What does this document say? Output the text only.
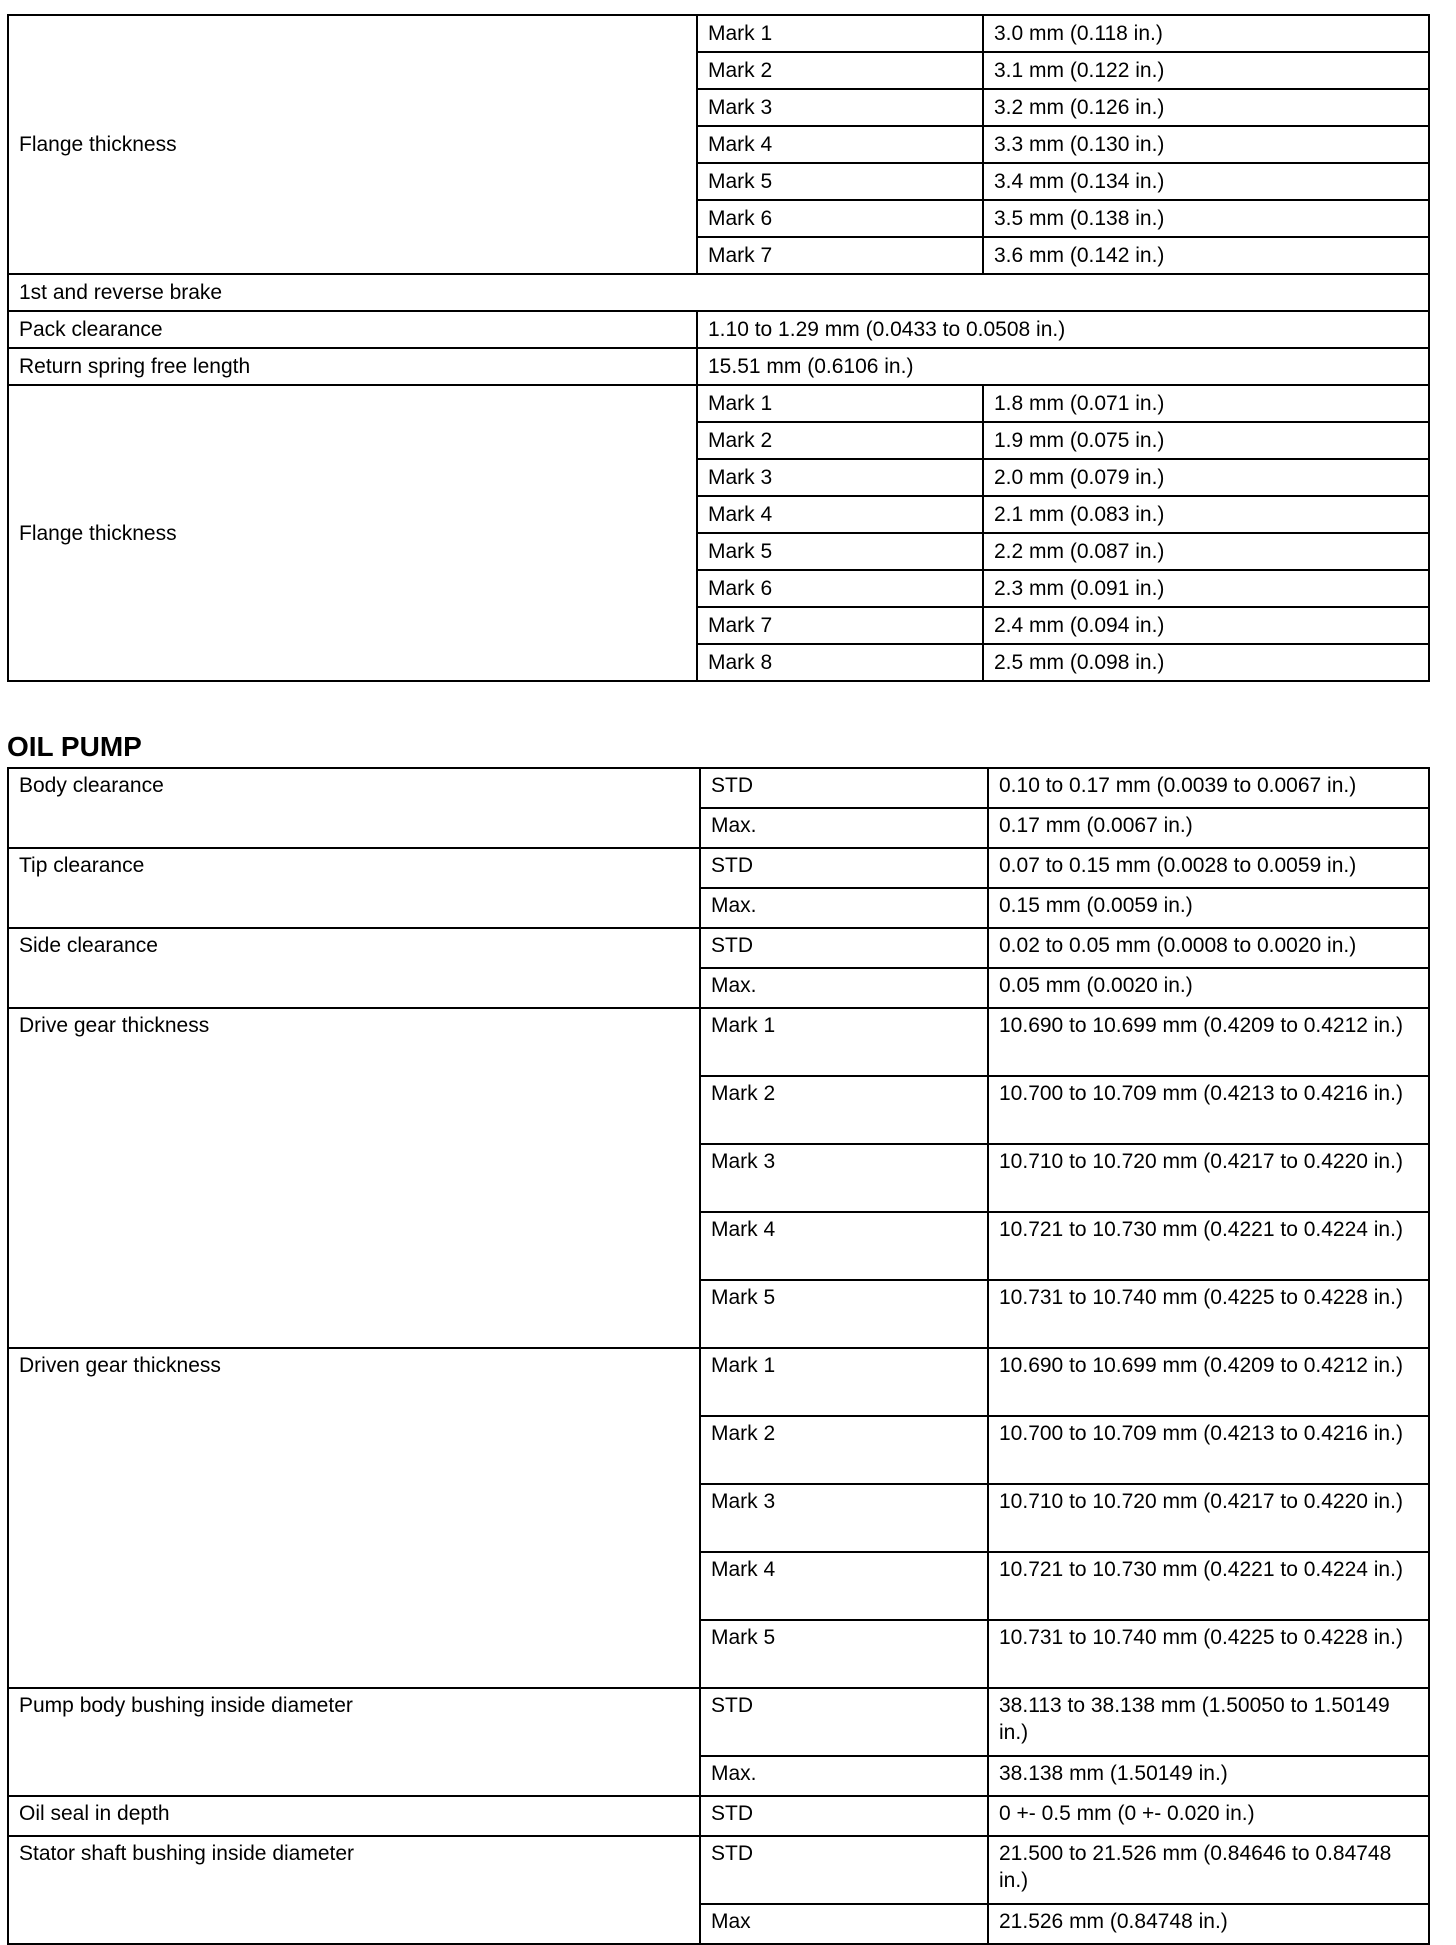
Flange thickness	Mark 1	3.0 mm (0.118 in.)
	Mark 2	3.1 mm (0.122 in.)
	Mark 3	3.2 mm (0.126 in.)
	Mark 4	3.3 mm (0.130 in.)
	Mark 5	3.4 mm (0.134 in.)
	Mark 6	3.5 mm (0.138 in.)
	Mark 7	3.6 mm (0.142 in.)
1st and reverse brake		
Pack clearance	1.10 to 1.29 mm (0.0433 to 0.0508 in.)	
Return spring free length	15.51 mm (0.6106 in.)	
Flange thickness	Mark 1	1.8 mm (0.071 in.)
	Mark 2	1.9 mm (0.075 in.)
	Mark 3	2.0 mm (0.079 in.)
	Mark 4	2.1 mm (0.083 in.)
	Mark 5	2.2 mm (0.087 in.)
	Mark 6	2.3 mm (0.091 in.)
	Mark 7	2.4 mm (0.094 in.)
	Mark 8	2.5 mm (0.098 in.)
OIL PUMP
Body clearance	STD	0.10 to 0.17 mm (0.0039 to 0.0067 in.)
	Max.	0.17 mm (0.0067 in.)
Tip clearance	STD	0.07 to 0.15 mm (0.0028 to 0.0059 in.)
	Max.	0.15 mm (0.0059 in.)
Side clearance	STD	0.02 to 0.05 mm (0.0008 to 0.0020 in.)
	Max.	0.05 mm (0.0020 in.)
Drive gear thickness	Mark 1	10.690 to 10.699 mm (0.4209 to 0.4212 in.)
	Mark 2	10.700 to 10.709 mm (0.4213 to 0.4216 in.)
	Mark 3	10.710 to 10.720 mm (0.4217 to 0.4220 in.)
	Mark 4	10.721 to 10.730 mm (0.4221 to 0.4224 in.)
	Mark 5	10.731 to 10.740 mm (0.4225 to 0.4228 in.)
Driven gear thickness	Mark 1	10.690 to 10.699 mm (0.4209 to 0.4212 in.)
	Mark 2	10.700 to 10.709 mm (0.4213 to 0.4216 in.)
	Mark 3	10.710 to 10.720 mm (0.4217 to 0.4220 in.)
	Mark 4	10.721 to 10.730 mm (0.4221 to 0.4224 in.)
	Mark 5	10.731 to 10.740 mm (0.4225 to 0.4228 in.)
Pump body bushing inside diameter	STD	38.113 to 38.138 mm (1.50050 to 1.50149 in.)
	Max.	38.138 mm (1.50149 in.)
Oil seal in depth	STD	0 +- 0.5 mm (0 +- 0.020 in.)
Stator shaft bushing inside diameter	STD	21.500 to 21.526 mm (0.84646 to 0.84748 in.)
	Max	21.526 mm (0.84748 in.)
